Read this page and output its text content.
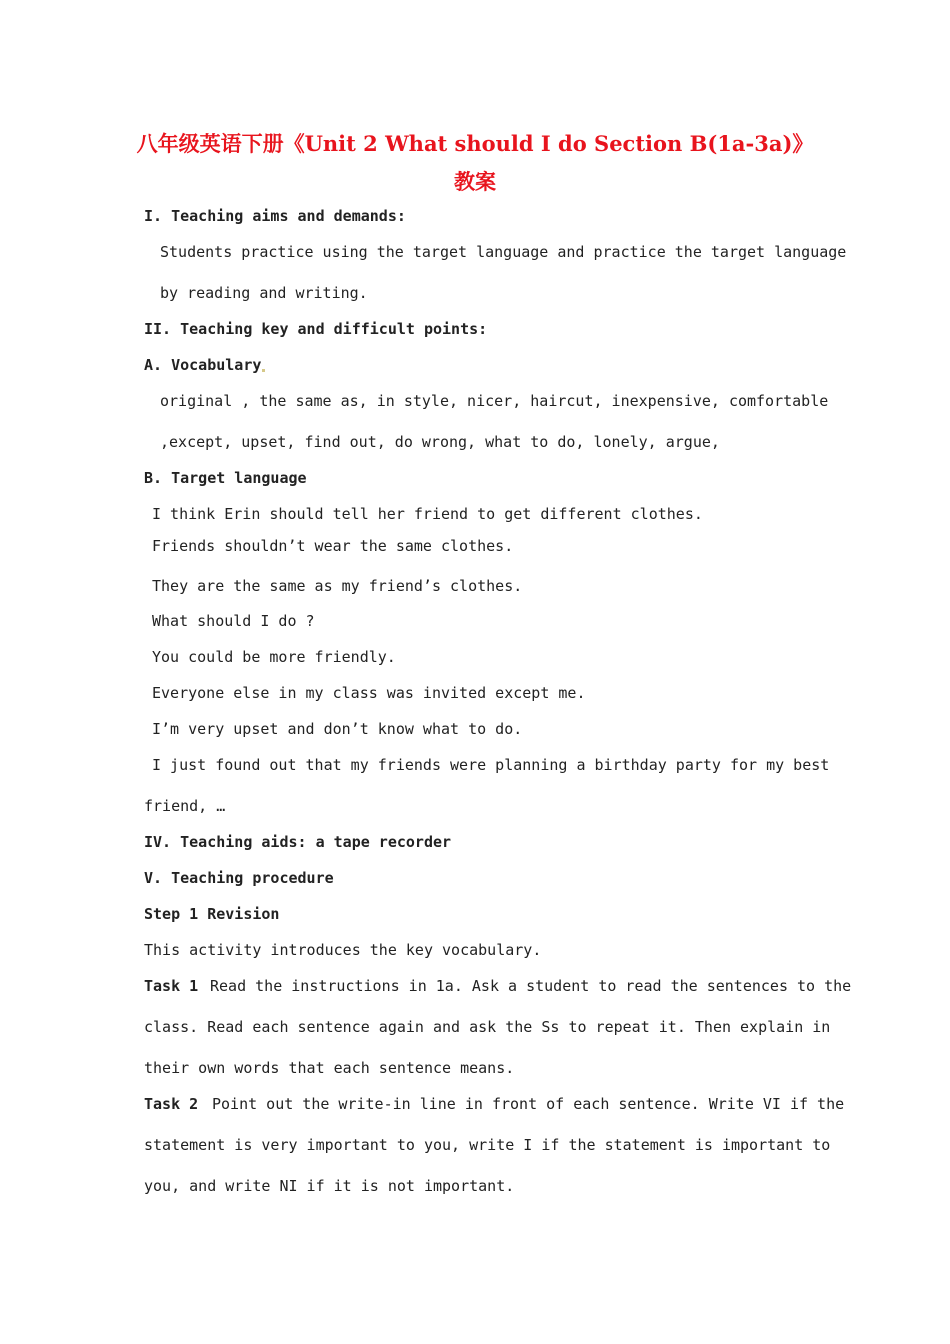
八年级英语下册《Unit 2 What should I do Section B(1a-3a)》
教案
I. Teaching aims and demands:
Students practice using the target language and practice the target language
by reading and writing.
II. Teaching key and difficult points:
A. Vocabulary
original , the same as, in style, nicer, haircut, inexpensive, comfortable
,except, upset, find out, do wrong, what to do, lonely, argue,
B. Target language
I think Erin should tell her friend to get different clothes.
Friends shouldn’t wear the same clothes.
They are the same as my friend’s clothes.
What should I do ?
You could be more friendly.
Everyone else in my class was invited except me.
I’m very upset and don’t know what to do.
I just found out that my friends were planning a birthday party for my best
friend, …
IV. Teaching aids: a tape recorder
V. Teaching procedure
Step 1 Revision
This activity introduces the key vocabulary.
Task 1 Read the instructions in 1a. Ask a student to read the sentences to the
class. Read each sentence again and ask the Ss to repeat it. Then explain in
their own words that each sentence means.
Task 2 Point out the write-in line in front of each sentence. Write VI if the
statement is very important to you, write I if the statement is important to
you, and write NI if it is not important.
